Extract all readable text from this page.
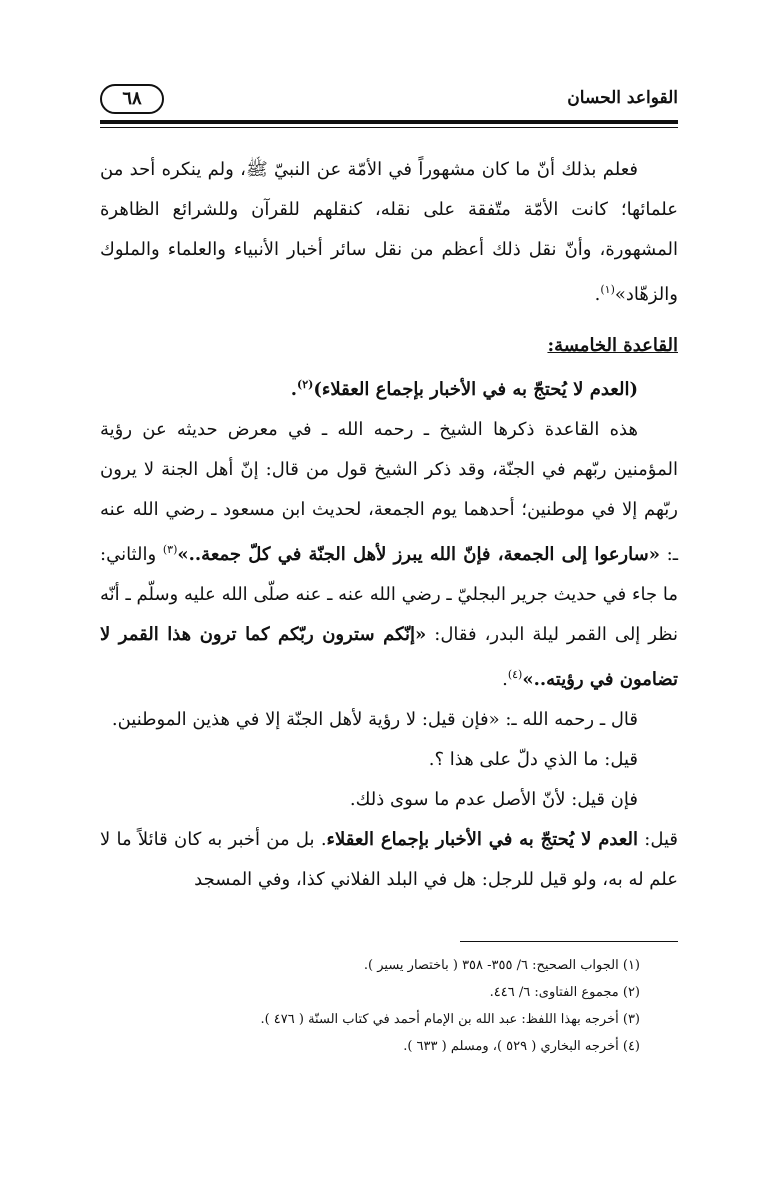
القواعد الحسان
٦٨

فعلم بذلك أنّ ما كان مشهوراً في الأمّة عن النبيّ ﷺ، ولم ينكره أحد من علمائها؛ كانت الأمّة متّفقة على نقله، كنقلهم للقرآن وللشرائع الظاهرة المشهورة، وأنّ نقل ذلك أعظم من نقل سائر أخبار الأنبياء والعلماء والملوك والزهّاد»$^{(١)}$.

القاعدة الخامسة:

(العدم لا يُحتجّ به في الأخبار بإجماع العقلاء)$^{(٢)}$.

هذه القاعدة ذكرها الشيخ ـ رحمه الله ـ في معرض حديثه عن رؤية المؤمنين ربّهم في الجنّة، وقد ذكر الشيخ قول من قال: إنّ أهل الجنة لا يرون ربّهم إلا في موطنين؛ أحدهما يوم الجمعة، لحديث ابن مسعود ـ رضي الله عنه ـ: «سارعوا إلى الجمعة، فإنّ الله يبرز لأهل الجنّة في كلّ جمعة..»$^{(٣)}$ والثاني: ما جاء في حديث جرير البجليّ ـ رضي الله عنه ـ عنه صلّى الله عليه وسلّم ـ أنّه نظر إلى القمر ليلة البدر، فقال: «إنّكم سترون ربّكم كما ترون هذا القمر لا تضامون في رؤيته..»$^{(٤)}$.

قال ـ رحمه الله ـ: «فإن قيل: لا رؤية لأهل الجنّة إلا في هذين الموطنين.

قيل: ما الذي دلّ على هذا ؟.

فإن قيل: لأنّ الأصل عدم ما سوى ذلك.

قيل: العدم لا يُحتجّ به في الأخبار بإجماع العقلاء. بل من أخبر به كان قائلاً ما لا علم له به، ولو قيل للرجل: هل في البلد الفلاني كذا، وفي المسجد

(١) الجواب الصحيح: ٦/ ٣٥٥- ٣٥٨ ( باختصار يسير ).

(٢) مجموع الفتاوى: ٦/ ٤٤٦.

(٣) أخرجه بهذا اللفظ: عبد الله بن الإمام أحمد في كتاب السنّة ( ٤٧٦ ).

(٤) أخرجه البخاري ( ٥٢٩ )، ومسلم ( ٦٣٣ ).
